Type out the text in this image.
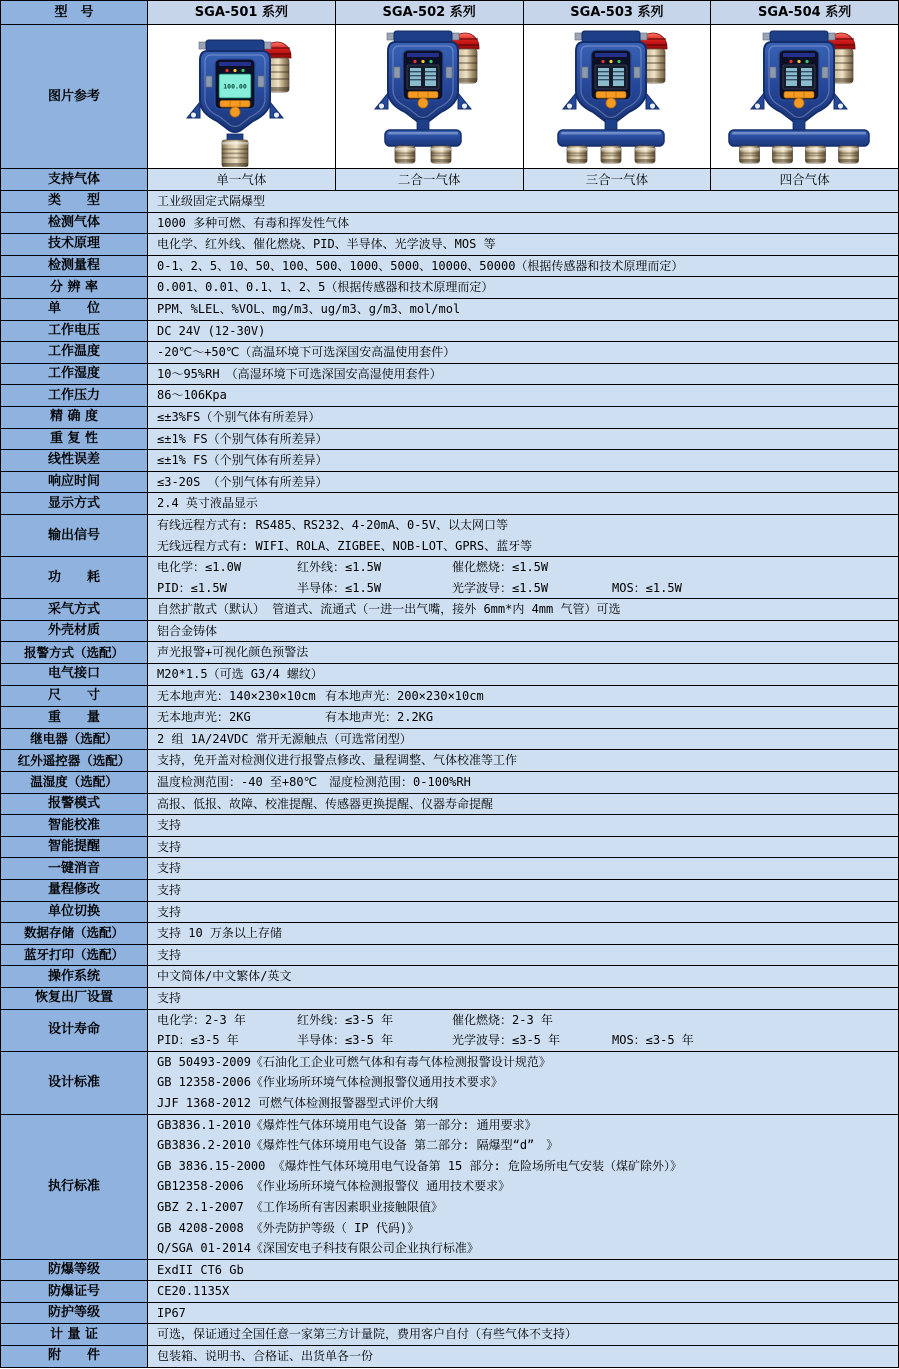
型　号	SGA-501 系列	SGA-502 系列	SGA-503 系列	SGA-504 系列
图片参考
100.00
支持气体	单一气体	二合一气体	三合一气体	四合气体
类　　型	工业级固定式隔爆型
检测气体	1000 多种可燃、有毒和挥发性气体
技术原理	电化学、红外线、催化燃烧、PID、半导体、光学波导、MOS 等
检测量程	0-1、2、5、10、50、100、500、1000、5000、10000、50000（根据传感器和技术原理而定）
分 辨 率	0.001、0.01、0.1、1、2、5（根据传感器和技术原理而定）
单　　位	PPM、%LEL、%VOL、mg/m3、ug/m3、g/m3、mol/mol
工作电压	DC 24V (12-30V)
工作温度	-20℃～+50℃（高温环境下可选深国安高温使用套件）
工作湿度	10～95%RH　（高湿环境下可选深国安高湿使用套件）
工作压力	86～106Kpa
精 确 度	≤±3%FS（个别气体有所差异）
重 复 性	≤±1% FS（个别气体有所差异）
线性误差	≤±1% FS（个别气体有所差异）
响应时间	≤3-20S （个别气体有所差异）
显示方式	2.4 英寸液晶显示
输出信号
有线远程方式有: RS485、RS232、4-20mA、0-5V、以太网口等
无线远程方式有: WIFI、ROLA、ZIGBEE、NOB-LOT、GPRS、蓝牙等
功　　耗
电化学：≤1.0W	红外线：≤1.5W	催化燃烧：≤1.5W
PID：≤1.5W	半导体：≤1.5W	光学波导：≤1.5W	MOS：≤1.5W
采气方式	自然扩散式（默认） 管道式、流通式（一进一出气嘴，接外 6mm*内 4mm 气管）可选
外壳材质	铝合金铸体
报警方式（选配）	声光报警+可视化颜色预警法
电气接口	M20*1.5（可选 G3/4 螺纹）
尺　　寸	无本地声光：140×230×10cm 有本地声光：200×230×10cm
重　　量	无本地声光：2KG	有本地声光：2.2KG
继电器（选配）	2 组 1A/24VDC 常开无源触点（可选常闭型）
红外遥控器（选配）	支持，免开盖对检测仪进行报警点修改、量程调整、气体校准等工作
温湿度（选配）	温度检测范围：-40 至+80℃　湿度检测范围：0-100%RH
报警模式	高报、低报、故障、校准提醒、传感器更换提醒、仪器寿命提醒
智能校准	支持
智能提醒	支持
一键消音	支持
量程修改	支持
单位切换	支持
数据存储（选配）	支持 10 万条以上存储
蓝牙打印（选配）	支持
操作系统	中文简体/中文繁体/英文
恢复出厂设置	支持
设计寿命
电化学：2-3 年	红外线：≤3-5 年	催化燃烧：2-3 年
PID：≤3-5 年	半导体：≤3-5 年	光学波导：≤3-5 年	MOS：≤3-5 年
设计标准
GB 50493-2009《石油化工企业可燃气体和有毒气体检测报警设计规范》
GB 12358-2006《作业场所环境气体检测报警仪通用技术要求》
JJF 1368-2012 可燃气体检测报警器型式评价大纲
执行标准
GB3836.1-2010《爆炸性气体环境用电气设备 第一部分: 通用要求》
GB3836.2-2010《爆炸性气体环境用电气设备 第二部分: 隔爆型“d”　》
GB 3836.15-2000 《爆炸性气体环境用电气设备第 15 部分: 危险场所电气安装（煤矿除外）》
GB12358-2006 《作业场所环境气体检测报警仪 通用技术要求》
GBZ 2.1-2007 《工作场所有害因素职业接触限值》
GB 4208-2008 《外壳防护等级（ IP 代码)》
Q/SGA 01-2014《深国安电子科技有限公司企业执行标准》
防爆等级	ExdII CT6 Gb
防爆证号	CE20.1135X
防护等级	IP67
计 量 证	可选，保证通过全国任意一家第三方计量院，费用客户自付（有些气体不支持）
附　　件	包装箱、说明书、合格证、出货单各一份
